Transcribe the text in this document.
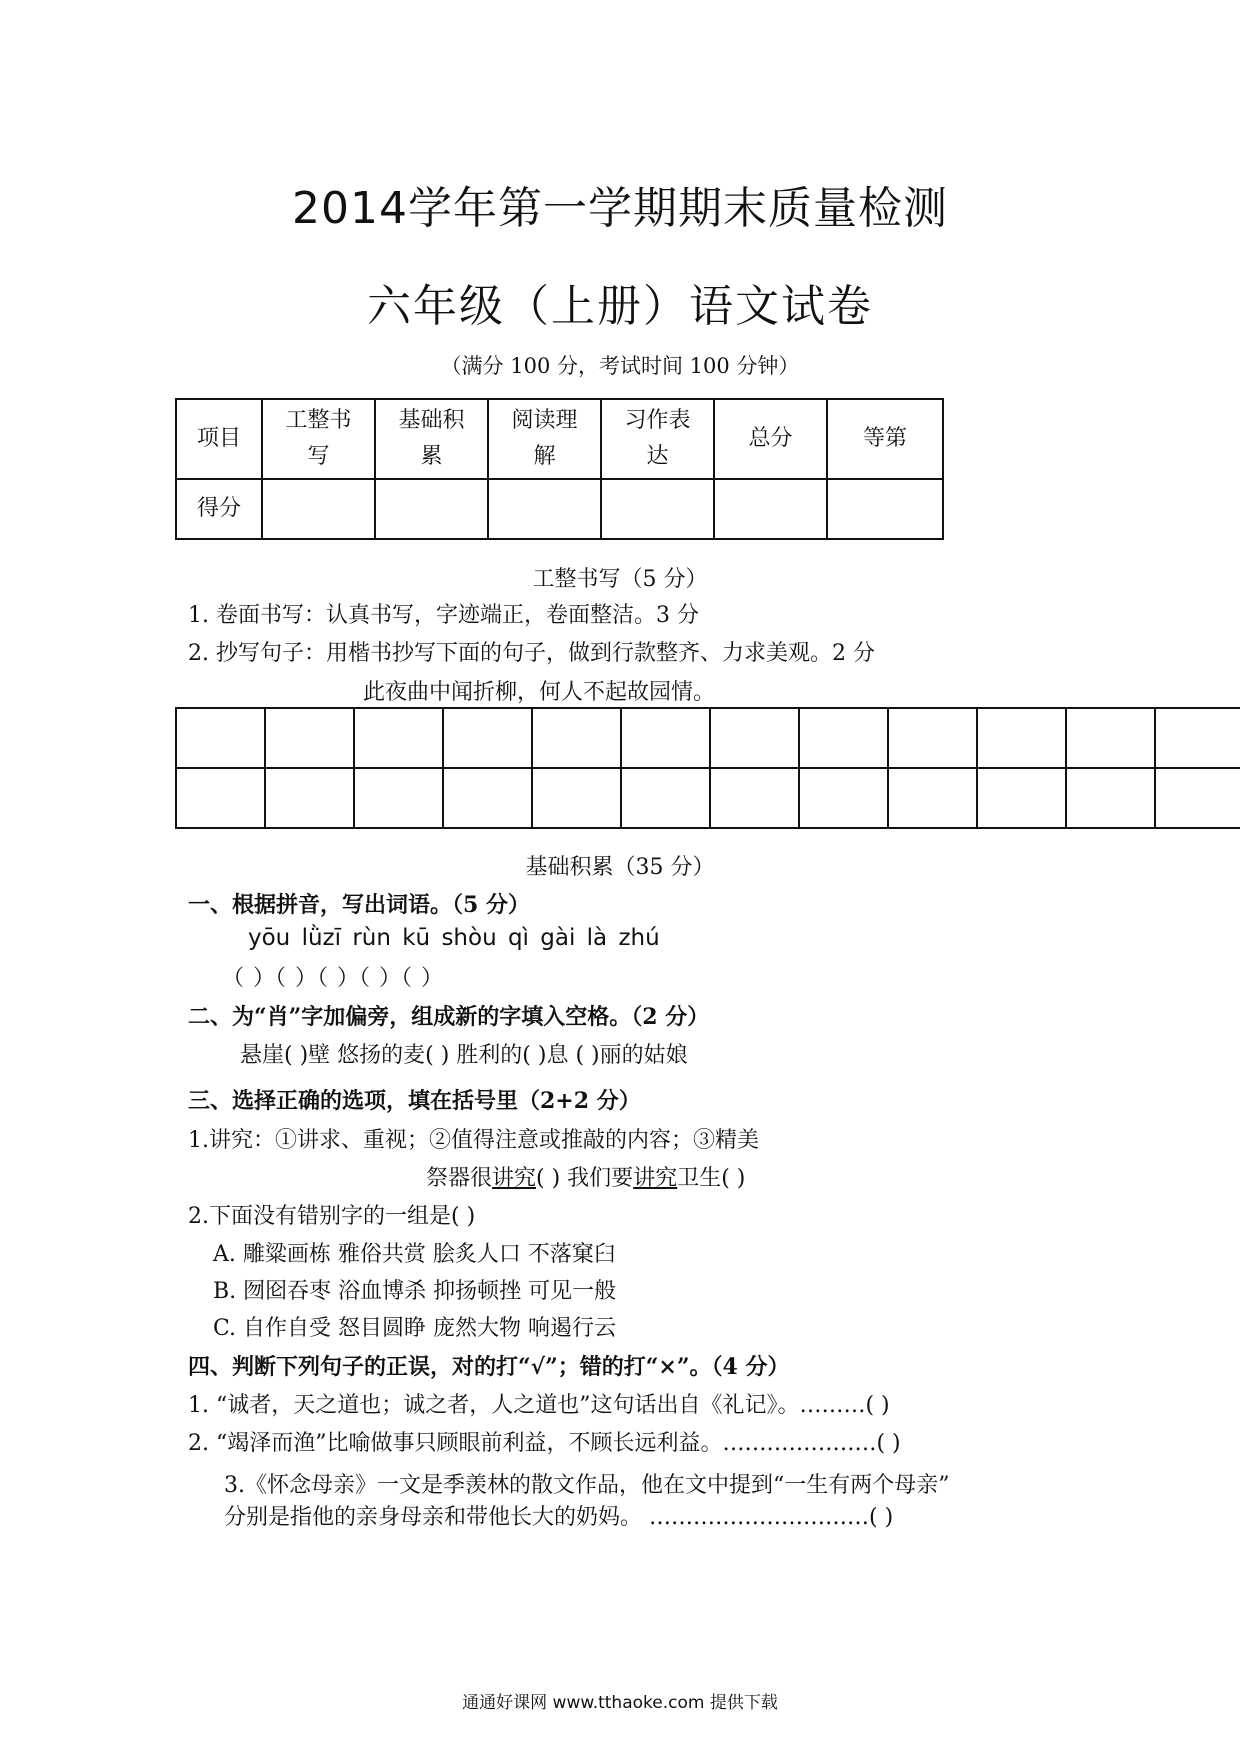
2014学年第一学期期末质量检测
六年级（上册）语文试卷
（满分 100 分，考试时间 100 分钟）
项目	工整书写	基础积累	阅读理解	习作表达	总分	等第
得分						
工整书写（5 分）
1. 卷面书写：认真书写，字迹端正，卷面整洁。3 分
2. 抄写句子：用楷书抄写下面的句子，做到行款整齐、力求美观。2 分
此夜曲中闻折柳，何人不起故园情。

基础积累（35 分）
一、根据拼音，写出词语。（5 分）
yōu lǜzī rùn kū shòu qì gài là zhú
（ ）（ ）（ ）（ ）（ ）
二、为“肖”字加偏旁，组成新的字填入空格。（2 分）
悬崖( )壁 悠扬的麦( ) 胜利的( )息 ( )丽的姑娘
三、选择正确的选项，填在括号里（2+2 分）
1.讲究：①讲求、重视；②值得注意或推敲的内容；③精美
祭器很讲究( ) 我们要讲究卫生( )
2.下面没有错别字的一组是( )
A. 雕粱画栋 雅俗共赏 脍炙人口 不落窠臼
B. 囫囵吞枣 浴血博杀 抑扬顿挫 可见一般
C. 自作自受 怒目圆睁 庞然大物 响遏行云
四、判断下列句子的正误，对的打“√”；错的打“×”。（4 分）
1. “诚者，天之道也；诚之者，人之道也”这句话出自《礼记》。………( )
2. “竭泽而渔”比喻做事只顾眼前利益，不顾长远利益。…………………( )
3.《怀念母亲》一文是季羡林的散文作品，他在文中提到“一生有两个母亲”
分别是指他的亲身母亲和带他长大的奶妈。 …………………………( )
通通好课网 www.tthaoke.com 提供下载
